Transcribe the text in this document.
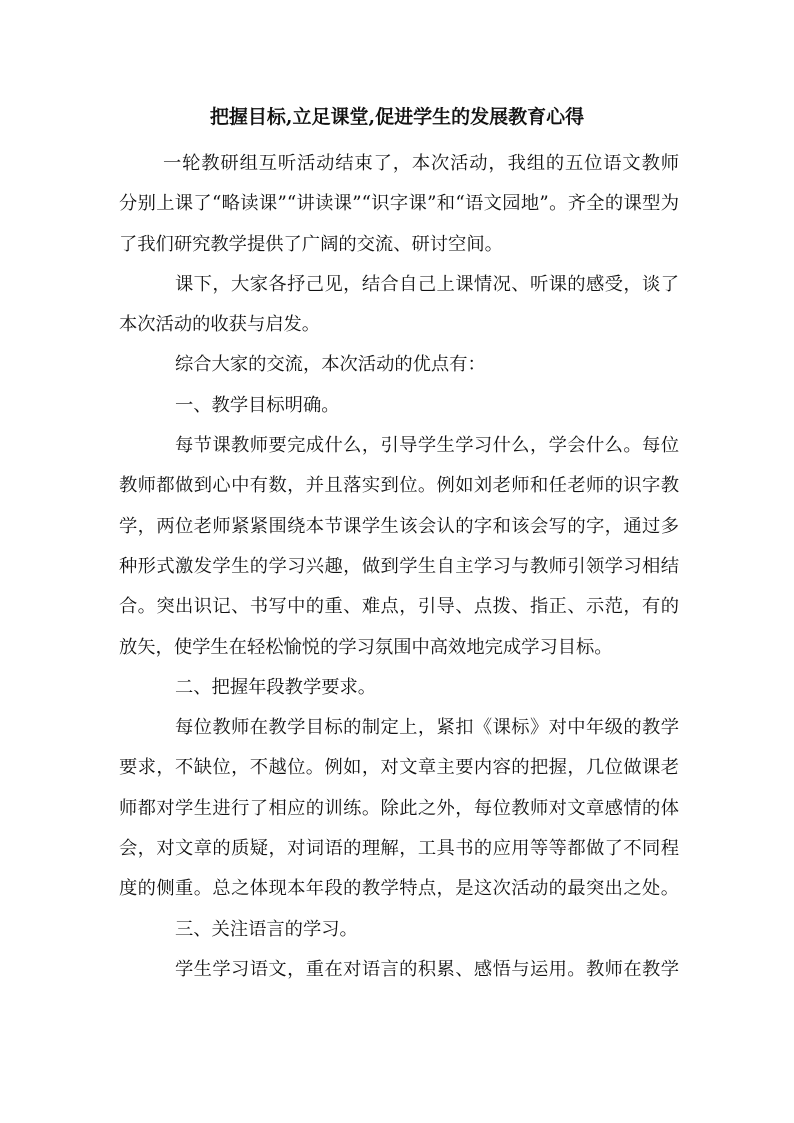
把握目标,立足课堂,促进学生的发展教育心得
一轮教研组互听活动结束了，本次活动，我组的五位语文教师
分别上课了“略读课”“讲读课”“识字课”和“语文园地”。齐全的课型为
了我们研究教学提供了广阔的交流、研讨空间。
课下，大家各抒己见，结合自己上课情况、听课的感受，谈了
本次活动的收获与启发。
综合大家的交流，本次活动的优点有：
一、教学目标明确。
每节课教师要完成什么，引导学生学习什么，学会什么。每位
教师都做到心中有数，并且落实到位。例如刘老师和任老师的识字教
学，两位老师紧紧围绕本节课学生该会认的字和该会写的字，通过多
种形式激发学生的学习兴趣，做到学生自主学习与教师引领学习相结
合。突出识记、书写中的重、难点，引导、点拨、指正、示范，有的
放矢，使学生在轻松愉悦的学习氛围中高效地完成学习目标。
二、把握年段教学要求。
每位教师在教学目标的制定上，紧扣《课标》对中年级的教学
要求，不缺位，不越位。例如，对文章主要内容的把握，几位做课老
师都对学生进行了相应的训练。除此之外，每位教师对文章感情的体
会，对文章的质疑，对词语的理解，工具书的应用等等都做了不同程
度的侧重。总之体现本年段的教学特点，是这次活动的最突出之处。
三、关注语言的学习。
学生学习语文，重在对语言的积累、感悟与运用。教师在教学
